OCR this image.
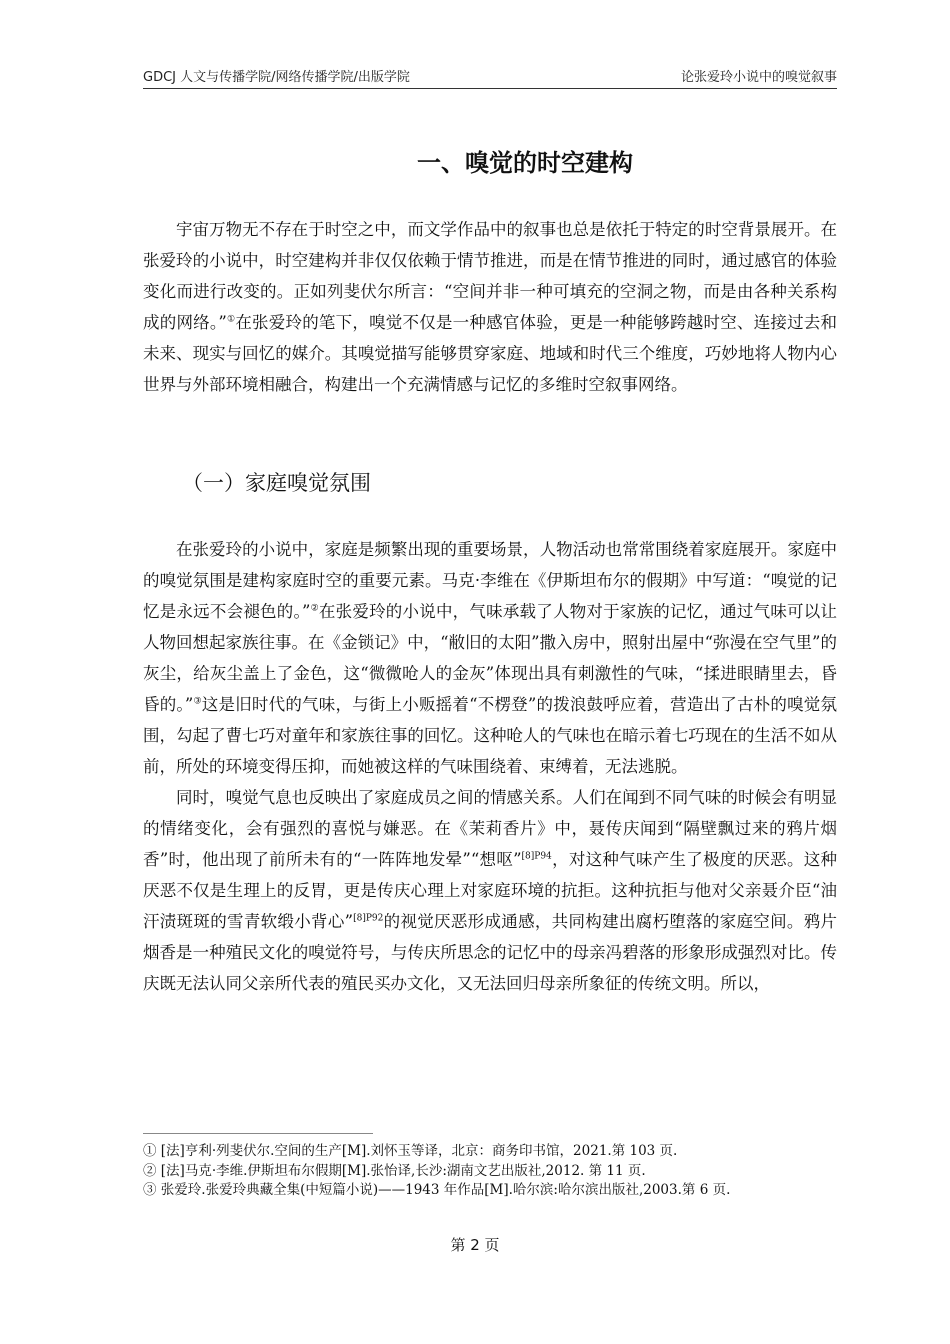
GDCJ 人文与传播学院/网络传播学院/出版学院	论张爱玲小说中的嗅觉叙事
一、嗅觉的时空建构

宇宙万物无不存在于时空之中，而文学作品中的叙事也总是依托于特定的时空背景展开。在张爱玲的小说中，时空建构并非仅仅依赖于情节推进，而是在情节推进的同时，通过感官的体验变化而进行改变的。正如列斐伏尔所言：“空间并非一种可填充的空洞之物，而是由各种关系构成的网络。”①在张爱玲的笔下，嗅觉不仅是一种感官体验，更是一种能够跨越时空、连接过去和未来、现实与回忆的媒介。其嗅觉描写能够贯穿家庭、地域和时代三个维度，巧妙地将人物内心世界与外部环境相融合，构建出一个充满情感与记忆的多维时空叙事网络。

（一）家庭嗅觉氛围

在张爱玲的小说中，家庭是频繁出现的重要场景，人物活动也常常围绕着家庭展开。家庭中的嗅觉氛围是建构家庭时空的重要元素。马克·李维在《伊斯坦布尔的假期》中写道：“嗅觉的记忆是永远不会褪色的。”②在张爱玲的小说中，气味承载了人物对于家族的记忆，通过气味可以让人物回想起家族往事。在《金锁记》中，“敝旧的太阳”撒入房中，照射出屋中“弥漫在空气里”的灰尘，给灰尘盖上了金色，这“微微呛人的金灰”体现出具有刺激性的气味，“揉进眼睛里去，昏昏的。”③这是旧时代的气味，与街上小贩摇着“不楞登”的拨浪鼓呼应着，营造出了古朴的嗅觉氛围，勾起了曹七巧对童年和家族往事的回忆。这种呛人的气味也在暗示着七巧现在的生活不如从前，所处的环境变得压抑，而她被这样的气味围绕着、束缚着，无法逃脱。

同时，嗅觉气息也反映出了家庭成员之间的情感关系。人们在闻到不同气味的时候会有明显的情绪变化，会有强烈的喜悦与嫌恶。在《茉莉香片》中，聂传庆闻到“隔壁飘过来的鸦片烟香”时，他出现了前所未有的“一阵阵地发晕”“想呕”$^{[8]P94}$，对这种气味产生了极度的厌恶。这种厌恶不仅是生理上的反胃，更是传庆心理上对家庭环境的抗拒。这种抗拒与他对父亲聂介臣“油汗渍斑斑的雪青软缎小背心”$^{[8]P92}$的视觉厌恶形成通感，共同构建出腐朽堕落的家庭空间。鸦片烟香是一种殖民文化的嗅觉符号，与传庆所思念的记忆中的母亲冯碧落的形象形成强烈对比。传庆既无法认同父亲所代表的殖民买办文化，又无法回归母亲所象征的传统文明。所以，

① [法]亨利·列斐伏尔.空间的生产[M].刘怀玉等译，北京：商务印书馆，2021.第 103 页.
② [法]马克·李维.伊斯坦布尔假期[M].张怡译,长沙:湖南文艺出版社,2012. 第 11 页.
③ 张爱玲.张爱玲典藏全集(中短篇小说)——1943 年作品[M].哈尔滨:哈尔滨出版社,2003.第 6 页.
第 2 页
